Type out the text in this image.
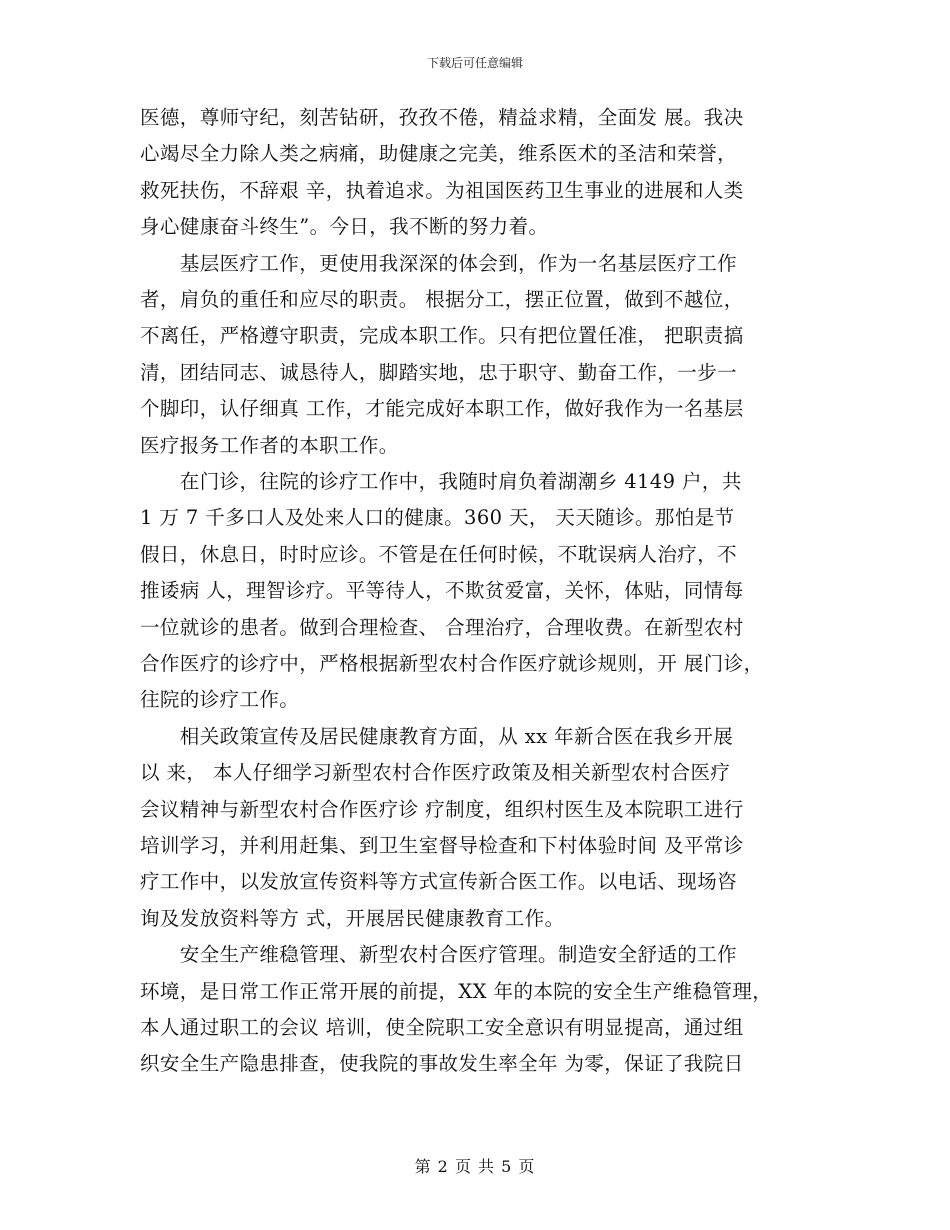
下载后可任意编辑
医德，尊师守纪，刻苦钻研，孜孜不倦，精益求精，全面发 展。我决
心竭尽全力除人类之病痛，助健康之完美，维系医术的圣洁和荣誉，
救死扶伤，不辞艰 辛，执着追求。为祖国医药卫生事业的进展和人类
身心健康奋斗终生”。今日，我不断的努力着。
　　基层医疗工作，更使用我深深的体会到，作为一名基层医疗工作
者，肩负的重任和应尽的职责。 根据分工，摆正位置，做到不越位，
不离任，严格遵守职责，完成本职工作。只有把位置任准， 把职责搞
清，团结同志、诚恳待人，脚踏实地，忠于职守、勤奋工作，一步一
个脚印，认仔细真 工作，才能完成好本职工作，做好我作为一名基层
医疗报务工作者的本职工作。
　　在门诊，往院的诊疗工作中，我随时肩负着湖潮乡 4149 户，共
1 万 7 千多口人及处来人口的健康。360 天， 天天随诊。那怕是节
假日，休息日，时时应诊。不管是在任何时候，不耽误病人治疗，不
推诿病 人，理智诊疗。平等待人，不欺贫爱富，关怀，体贴，同情每
一位就诊的患者。做到合理检查、 合理治疗，合理收费。在新型农村
合作医疗的诊疗中，严格根据新型农村合作医疗就诊规则，开 展门诊，
往院的诊疗工作。
　　相关政策宣传及居民健康教育方面，从 xx 年新合医在我乡开展
以 来， 本人仔细学习新型农村合作医疗政策及相关新型农村合医疗
会议精神与新型农村合作医疗诊 疗制度，组织村医生及本院职工进行
培训学习，并利用赶集、到卫生室督导检查和下村体验时间 及平常诊
疗工作中，以发放宣传资料等方式宣传新合医工作。以电话、现场咨
询及发放资料等方 式，开展居民健康教育工作。
　　安全生产维稳管理、新型农村合医疗管理。制造安全舒适的工作
环境，是日常工作正常开展的前提，XX 年的本院的安全生产维稳管理，
本人通过职工的会议 培训，使全院职工安全意识有明显提高，通过组
织安全生产隐患排查，使我院的事故发生率全年 为零，保证了我院日
第 2 页 共 5 页
